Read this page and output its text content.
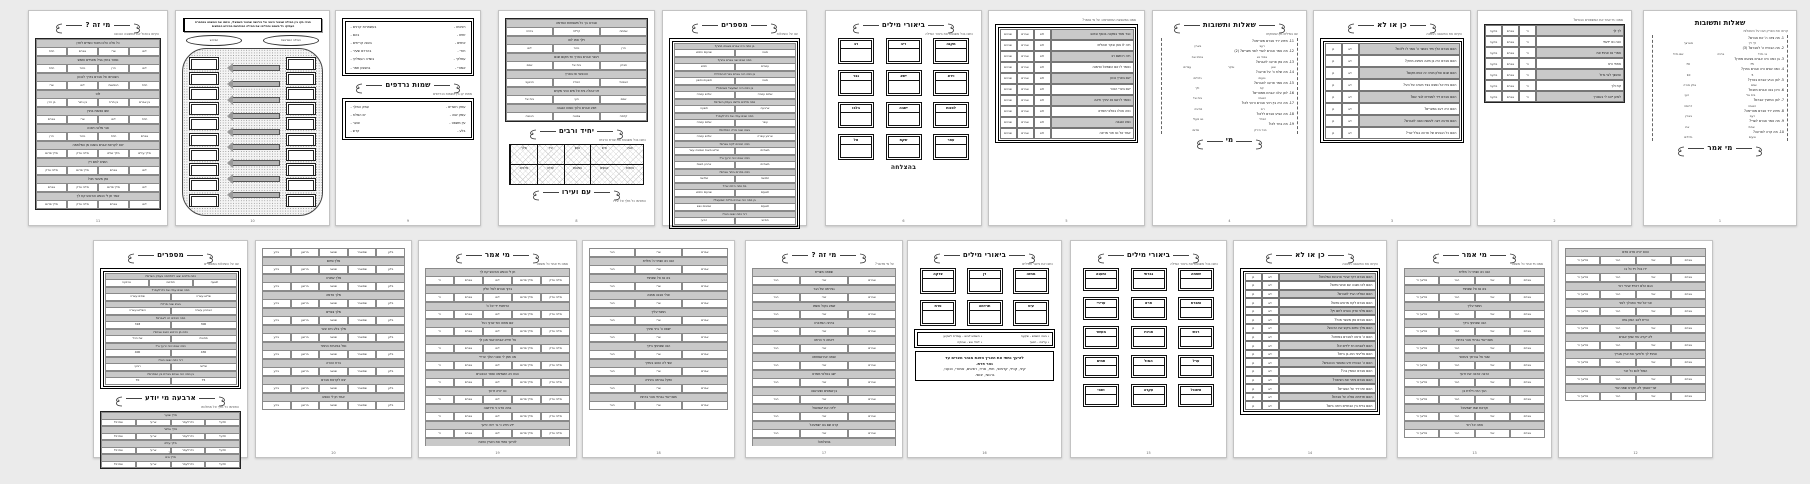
מי זה ?
הקיפו בעיגול את התשובה הנכונה
כל אלה הלכו מאור כשדים לחרן
תרח	אברם	שרי	לוט
נפטר בחרן בגיל מאתיים וחמש
תרח	נחור	הרן	לוט
הצטרפו אל אברם בדרך לכנען
שרי	לוט	הנפשות	תרח
לוט
בן הרן	בן נחור	בן תרח	בן אברם
עשו נפשות בחרן
אברם	שרי	לוט	תרח
אבי מלכה ויסכה
הרן	נחור	תרח	אברם
יצא לקראת אברם בשובו מן המלחמה
מלך סדום	מלכי צדק	מלך שלם	מלך עילם
הוציא לחם ויין
מלכי צדק	מלך סדום	אברם	לוט
נתן מעשר מכל
אברם	מלכי צדק	מלך סדום	לוט
אמר תן לי הנפש והרכוש קח לך
מלך סדום	מלכי צדק	אברם	לוט
11
חברו בקו בין המילה שבטור הימני אל פירושה שבטור השמאלי, וכתבו את המשפט במחברת
העתיקו כל משפט והחליפו את המילה המודגשת בפירוש המתאים
הפירוש	המילה המודגשת
10
רפאים -
בעשתרות קרנים -
זוזים -
בהם -
אימים -
בשוה קריתים -
חורי -
בהררם שעיר -
עמלקי -
בשדה העמלקי -
אמורי -
בחצצון תמר -
שמות נרדפים
מתחו קו בין השמות הנרדפים
עמק השדים -
עמק המלך -
עמק שוה -
ים המלח -
עין משפט -
צוער -
בלע -
קדש -
9
ונברכו בך כל משפחות האדמה
ברכה	קללה	שמחה
וילך אתו לוט
לוט	נחור	הרן
ויעבר אברם בארץ עד מקום שכם
שכם	בית אל	חברון
והכנעני אז בארץ
הכנעני	הפרזי	האמורי
ויט אהלה בית אל מים והעי מקדם
בית אל	העי	שכם
ויסע אברם הלוך ונסוע הנגבה
הנגבה	צפונה	קדמה
יחיד ורבים
כתבו בכל משבצת את צורת הרבים
מלך	עיר	נפש	איש	אות
מלכים	ערים	נפשות	אנשים	אותות
עם ועירו
התאימו כל מלך אל עירו
8
מספרים
ענו על השאלות
בן כמה היה אברם בצאתו מחרן?
שבעים וחמש	מאה
כמה שנים ישב אברם בחרן?
חמש	עשרים
בן כמה היה אברם בברית המילה?
תשעים ותשע	מאה
בן כמה היה ישמעאל כשנימול?
שלוש עשרה	שתים עשרה
כמה מלכים נלחמו בעמק השדים?
תשעה	ארבעה
כמה שנים עבדו את כדרלעמר?
שתים עשרה	עשר
באיזו שנה מרדו המלכים?
שלוש עשרה	ארבע עשרה
כמה חניכים לקח אברם?
שלוש מאות ושמונה עשר	מאתיים
כמה שנים יהיה זרעך גר?
ארבע מאות	מאתיים
כמה בתרים ביתר אברם?
שלושה	חמישה
בת כמה היתה שרי?
שבעים וחמש	תשעים
בן כמה היה אברם בלדת ישמעאל?
שמונים ושש	תשעים
דור כמה ישובו הנה?
רביעי	חמישי
7
ביאורי מילים
כתבו בכל משבצת את ביאור המילה
רב	ריב	מקנה
גבר	ישא	וירא
בלבו	ישבה	לפנות
אל	שקת	עפר
בהצלחה
6
סמנו במשבצת המתאימה: על מי נאמר?
שניהם	אברם	לוט	כבד מאד במקנה בכסף ובזהב
שניהם	אברם	לוט	היה לו צאן ובקר ואהלים
שניהם	אברם	לוט	היה רכושם רב
שניהם	אברם	לוט	נאמר לו אם השמאל ואימנה
שניהם	אברם	לוט	ישב בארץ כנען
שניהם	אברם	לוט	ישב בערי הככר
שניהם	אברם	לוט	נאמר לו שא נא עיניך וראה
שניהם	אברם	לוט	נטה אהלו באלוני ממרא
שניהם	אברם	לוט	נסע הנגבה
שניהם	אברם	לוט	אמר אל נא תהי מריבה
5
שאלות ותשובות
ענו במילים מן הפסוקים
11. מדוע ירד אברם מצרימה?
רעב
בארץ
12. מה אמר אברם לשרי לפני מצרים? (2)
אמרי נא
אחתי את
13. מה נתן פרעה לאברם?
צאן
ובקר
עבדים
14. מה שלח ה' על פרעה?
נגעים
גדולים
15. מה אמר פרעה לאברם?
קח
ולך
16. לאן עלה אברם ממצרים?
הנגבה
בית אל
17. מה היה בין רועי אברם ורועי לוט?
ריב
מריבה
18. מה הציע אברם ללוט?
הפרד
נא מעלי
19. מה בחר לוט?
ככר הירדן
סדום
מי
4
כן או לא
הקיפו את התשובה הנכונה
כן	לא	האם אברם הלך מיד כאשר ה' אמר לו ללכת?
כן	לא	האם אברם היה בן מאה כשיצא מחרן?
כן	לא	האם שכם ואלון מורה זה אותו מקום?
כן	לא	האם בית אל נמצא בצד מערב של העי?
כן	לא	האם אברם ירד למצרים לגור שם?
כן	לא	האם היה רעב במצרים?
כן	לא	האם פרעה רצה לעשות טובה לאברם?
כן	לא	האם כל הנגעים של פרעה בגלל שרי?
3
סמנו: מי אמר את המשפטים הבאים?
פרעה	אברם	ה'	לך לך
פרעה	אברם	ה'	הנה נא ידעתי
פרעה	אברם	ה'	אמרי נא אחתי את
פרעה	אברם	ה'	אחתי היא
פרעה	אברם	ה'	ואעשך לגוי גדול
פרעה	אברם	ה'	קח ולך
פרעה	אברם	ה'	למען ייטב לי בעבורך
2
שאלות ותשובות
קראו את הפרק וענו על השאלות
1. מה ציוה ה' את אברם?
לך לך
מארצך
2. מה הבטיח ה' לאברם? (3)
גוי גדול
ברכה
שם גדול
3. בן כמה היה אברם בצאתו מחרן?
75
70
4. כמה שנים היה אברם בחרן?
5
10
5. לאן הגיע אברם בארץ?
שכם
אלון מורה
6. היכן בנה אברם מזבח?
בית אל
העי
7. לאן המשיך אברם?
הנגבה
דרומה
8. מדוע ירד אברם מצרימה?
רעב
בארץ
9. מה אמר אברם לשרי?
אחתי
את
10. מה קרה לפרעה?
נגעים
גדולים
מי אמר
1
מספרים
ענו על השאלות במספרים
כמה מלכים יצאו למלחמה בעמק השדים?
ארבעה	חמישה	תשעה
כמה שנים עבדו את כדרלעמר?
שתים עשרה	שלוש עשרה
באיזו שנה מרדו?
השלוש עשרה	הארבע עשרה
כמה חניכים היו לאברם?
318	300
כמה מן הרכוש השיב אברם?
את הכל	מחצית
כמה שנים יהיה זרעך גר?
400	430
דור כמה ישובו הנה?
רביעי	שלישי
בן כמה היה אברם בברית בין הבתרים?
70	75
ארבעה מי יודע
התאימו כל מלך אל ממלכתו
מלך שנער
אמרפל	אריוך	כדרלעמר	תדעל
מלך אלסר
אמרפל	אריוך	כדרלעמר	תדעל
מלך עילם
אמרפל	אריוך	כדרלעמר	תדעל
מלך גוים
אמרפל	אריוך	כדרלעמר	תדעל
21
ברע	ברשע	שנאב	שמאבר	בלע
מלך סדום
ברע	ברשע	שנאב	שמאבר	בלע
מלך עמורה
ברע	ברשע	שנאב	שמאבר	בלע
מלך אדמה
ברע	ברשע	שנאב	שמאבר	בלע
מלך צבויים
ברע	ברשע	שנאב	שמאבר	בלע
מלך בלע היא צער
ברע	ברשע	שנאב	שמאבר	בלע
נפל בבארות החמר
ברע	ברשע	שנאב	שמאבר	בלע
ברח ההרה
ברע	ברשע	שנאב	שמאבר	בלע
יצא לקראת אברם
ברע	ברשע	שנאב	שמאבר	בלע
אמר תן לי הנפש
ברע	ברשע	שנאב	שמאבר	בלע
20
מי אמר
סמנו מי אמר כל משפט
תן לי הנפש והרכוש קח לך
ה'	אברם	לוט	מלך סדום	מלכי צדק
ברוך אברם לאל עליון
ה'	אברם	לוט	מלך סדום	מלכי צדק
הרימותי ידי אל ה'
ה'	אברם	לוט	מלך סדום	מלכי צדק
אם מחוט ועד שרוך נעל
ה'	אברם	לוט	מלך סדום	מלכי צדק
אל תירא אברם אנכי מגן לך
ה'	אברם	לוט	מלך סדום	מלכי צדק
מה תתן לי ואנכי הולך ערירי
ה'	אברם	לוט	מלך סדום	מלכי צדק
הבט נא השמימה וספר הכוכבים
ה'	אברם	לוט	מלך סדום	מלכי צדק
כה יהיה זרעך
ה'	אברם	לוט	מלך סדום	מלכי צדק
במה אדע כי אירשנה
ה'	אברם	לוט	מלך סדום	מלכי צדק
ידע תדע כי גר יהיה זרעך
ה'	אברם	לוט	מלך סדום	מלכי צדק
לזרעך נתתי את הארץ הזאת
19
הגר	שרי	אברם
הנה נא עצרני ה' מלדת
הגר	שרי	אברם
בא נא אל שפחתי
הגר	שרי	אברם
אולי אבנה ממנה
הגר	שרי	אברם
חמסי עליך
הגר	שרי	אברם
ישפט ה' ביני וביניך
הגר	שרי	אברם
הנה שפחתך בידך
הגר	שרי	אברם
עשי לה הטוב בעיניך
הגר	שרי	אברם
ותקל גברתה בעיניה
הגר	שרי	אברם
מפני שרי גברתי אנכי ברחת
הגר	שרי	אברם
18
מי זה ?
על מי מדובר?
שפחה מצרית
הגר	שרי	אברם
גבירתה של הגר
הגר	שרי	אברם
שמע בקול אשתו
הגר	שרי	אברם
ברחה המדברה
הגר	שרי	אברם
ראתה כי הרתה
הגר	שרי	אברם
ענתה את שפחתה
הגר	שרי	אברם
ישב באלוני ממרא
הגר	שרי	אברם
בן שמונים ושש שנה
הגר	שרי	אברם
ילדה את ישמעאל
הגר	שרי	אברם
קרא שם בנו ישמעאל
הגר	שרי	אברם
בהצלחה!
17
ביאורי מילים
כתבו את ביאור המילים
צדקה	דן	מחזה
פרת	תרדמה	עיט
• באה השמש - שקעה
• השמש לבוא - עומדת לשקוע
• עלטה - חושך
• לפיד אש - אבוקה
לזרעך נתתי את הארץ הזאת מנהר מצרים עד
נהר פרת.
קיני, קניזי, קדמוני, חתי, פרזי, רפאים, אמורי, כנעני,
גרגשי, יבוסי.
16
ביאורי מילים
כתבו בכל משבצת את ביאור המילה
ותענה	גברתי	שפחה
ערירי	פרא	ותברח
מעשר	חניכיו	רכש
תמים	המול	ערל
ושבי	עקרה	אשכול
15
כן או לא
הקיפו את התשובה הנכונה
כן	לא	האם אברם רדף אחרי ארבעת המלכים?
כן	לא	האם לוט נשבה עם אנשי סדום?
כן	לא	האם הפליט הגיד לאברם?
כן	לא	האם אברם לקח מרכוש סדום?
כן	לא	האם מלכי צדק הוציא לחם ויין?
כן	לא	האם אברם נתן מעשר מכל?
כן	לא	האם מלך סדום ביקש את הרכוש?
כן	לא	האם ה' נראה לאברם במחזה?
כן	לא	האם לאברם היו ילדים אז?
כן	לא	האם אליעזר הוא בן ביתו?
כן	לא	האם ה' הבטיח זרע כמספר הכוכבים?
כן	לא	האם אברם האמין בה'?
כן	לא	האם אברם ביתר את הציפור?
כן	לא	האם עיט ירד על הפגרים?
כן	לא	האם תרדמה נפלה על אברם?
כן	לא	האם ברית בין הבתרים היתה ביום?
14
מי אמר
סמנו מי אמר כל משפט
הנה נא עצרני ה' מלדת
מלאך ה'	הגר	שרי	אברם
בא נא אל שפחתי
מלאך ה'	הגר	שרי	אברם
חמסי עליך
מלאך ה'	הגר	שרי	אברם
הנה שפחתך בידך
מלאך ה'	הגר	שרי	אברם
מפני שרי גברתי אנכי ברחת
מלאך ה'	הגר	שרי	אברם
שובי אל גברתך והתעני
מלאך ה'	הגר	שרי	אברם
הרבה ארבה את זרעך
מלאך ה'	הגר	שרי	אברם
הנך הרה וילדת בן
מלאך ה'	הגר	שרי	אברם
וקראת שמו ישמעאל
מלאך ה'	הגר	שרי	אברם
אתה אל ראי
מלאך ה'	הגר	שרי	אברם
13
והוא יהיה פרא אדם
מלאך ה'	הגר	שרי	אברם
ידו בכל ויד כל בו
מלאך ה'	הגר	שרי	אברם
הגם הלם ראיתי אחרי ראי
מלאך ה'	הגר	שרי	אברם
אני אל שדי התהלך לפני
מלאך ה'	הגר	שרי	אברם
והיית לאב המון גוים
מלאך ה'	הגר	שרי	אברם
לא יקרא עוד שמך אברם
מלאך ה'	הגר	שרי	אברם
ונתתי לך ולזרעך את ארץ מגריך
מלאך ה'	הגר	שרי	אברם
המול לכם כל זכר
מלאך ה'	הגר	שרי	אברם
שרי אשתך לא תקרא שמה שרי
מלאך ה'	הגר	שרי	אברם
12
